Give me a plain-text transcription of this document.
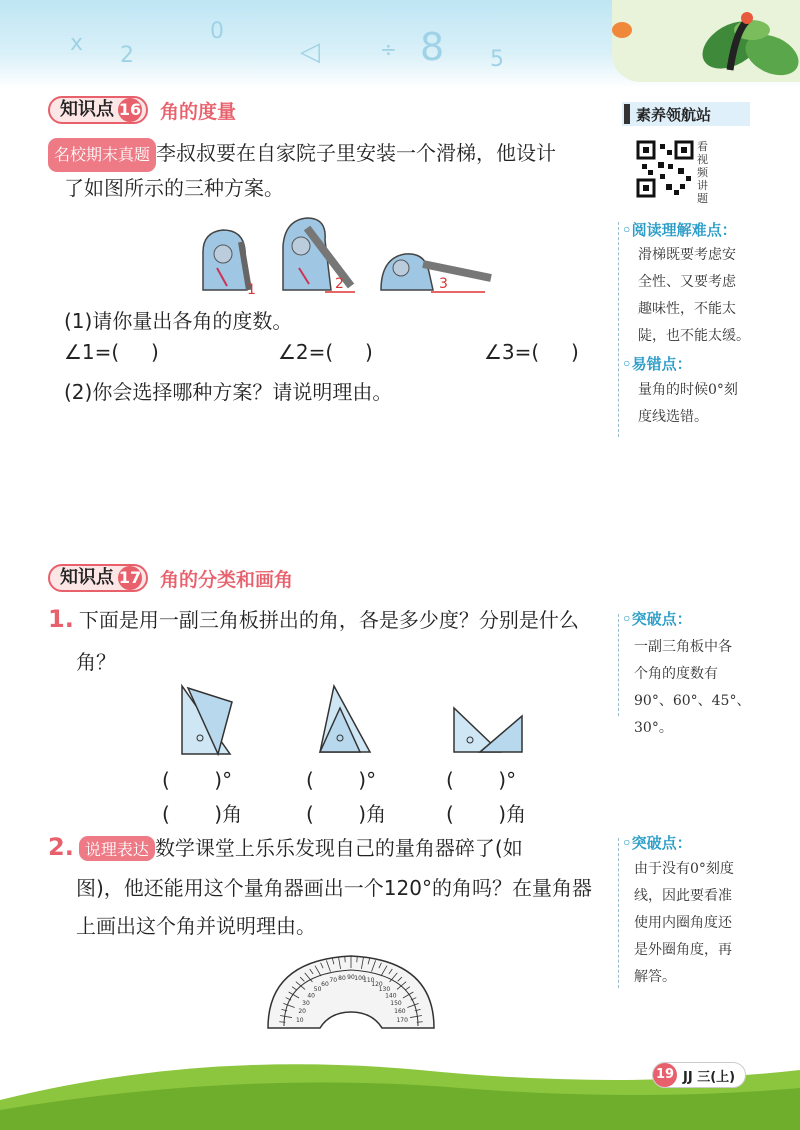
x 2
0
◁	÷ 8 5
知识点 16 角的度量	素养领航站
看视频讲题
名校期末真题 李叔叔要在自家院子里安装一个滑梯，他设计
了如图所示的三种方案。
1	2	3
(1)请你量出各角的度数。
∠1=(     )	∠2=(     )	∠3=(     )
(2)你会选择哪种方案？请说明理由。
◦阅读理解难点：
滑梯既要考虑安
全性、又要考虑
趣味性，不能太
陡，也不能太缓。
◦易错点：
量角的时候0°刻
度线选错。
知识点 17 角的分类和画角
1. 下面是用一副三角板拼出的角，各是多少度？分别是什么
角？
(       )°	(       )°	(       )°
(       )角	(       )角	(       )角
◦突破点：
一副三角板中各
个角的度数有
90°、60°、45°、30°。
2. 说理表达 数学课堂上乐乐发现自己的量角器碎了(如
图)，他还能用这个量角器画出一个120°的角吗？在量角器
上画出这个角并说明理由。
10
20
30
40
50
60
70 80 90 100
110
120
130
140
150
160
170
◦突破点：
由于没有0°刻度
线，因此要看准
使用内圈角度还
是外圈角度，再
解答。
19 JJ 三(上)
